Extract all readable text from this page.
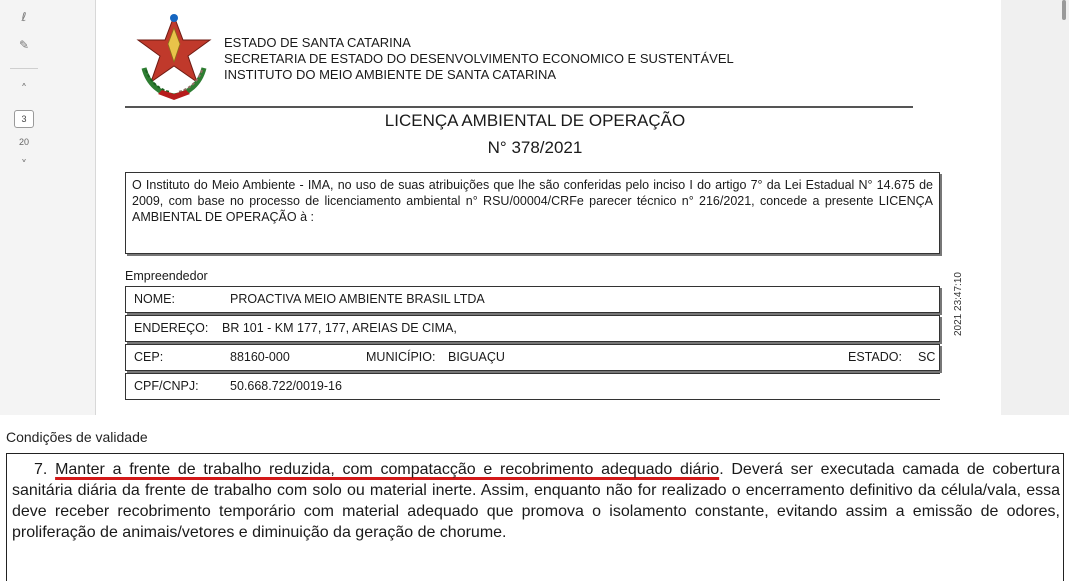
ℓ
✎
˄
3
20
˅
2021 23:47:10
ESTADO DE SANTA CATARINA
SECRETARIA DE ESTADO DO DESENVOLVIMENTO ECONOMICO E SUSTENTÁVEL
INSTITUTO DO MEIO AMBIENTE DE SANTA CATARINA
LICENÇA AMBIENTAL DE OPERAÇÃO
N° 378/2021
O Instituto do Meio Ambiente - IMA, no uso de suas atribuições que lhe são conferidas pelo inciso I do artigo 7° da Lei Estadual N° 14.675 de 2009, com base no processo de licenciamento ambiental n° RSU/00004/CRFe parecer técnico n° 216/2021, concede a presente LICENÇA AMBIENTAL DE OPERAÇÃO à :
Empreendedor
NOME:	PROACTIVA MEIO AMBIENTE BRASIL LTDA
ENDEREÇO: BR 101 - KM 177, 177, AREIAS DE CIMA,
CEP:	88160-000	MUNICÍPIO: BIGUAÇU	ESTADO: SC
CPF/CNPJ:	50.668.722/0019-16
Condições de validade
7. Manter a frente de trabalho reduzida, com compatacção e recobrimento adequado diário. Deverá ser executada camada de cobertura sanitária diária da frente de trabalho com solo ou material inerte. Assim, enquanto não for realizado o encerramento definitivo da célula/vala, essa deve receber recobrimento temporário com material adequado que promova o isolamento constante, evitando assim a emissão de odores, proliferação de animais/vetores e diminuição da geração de chorume.
